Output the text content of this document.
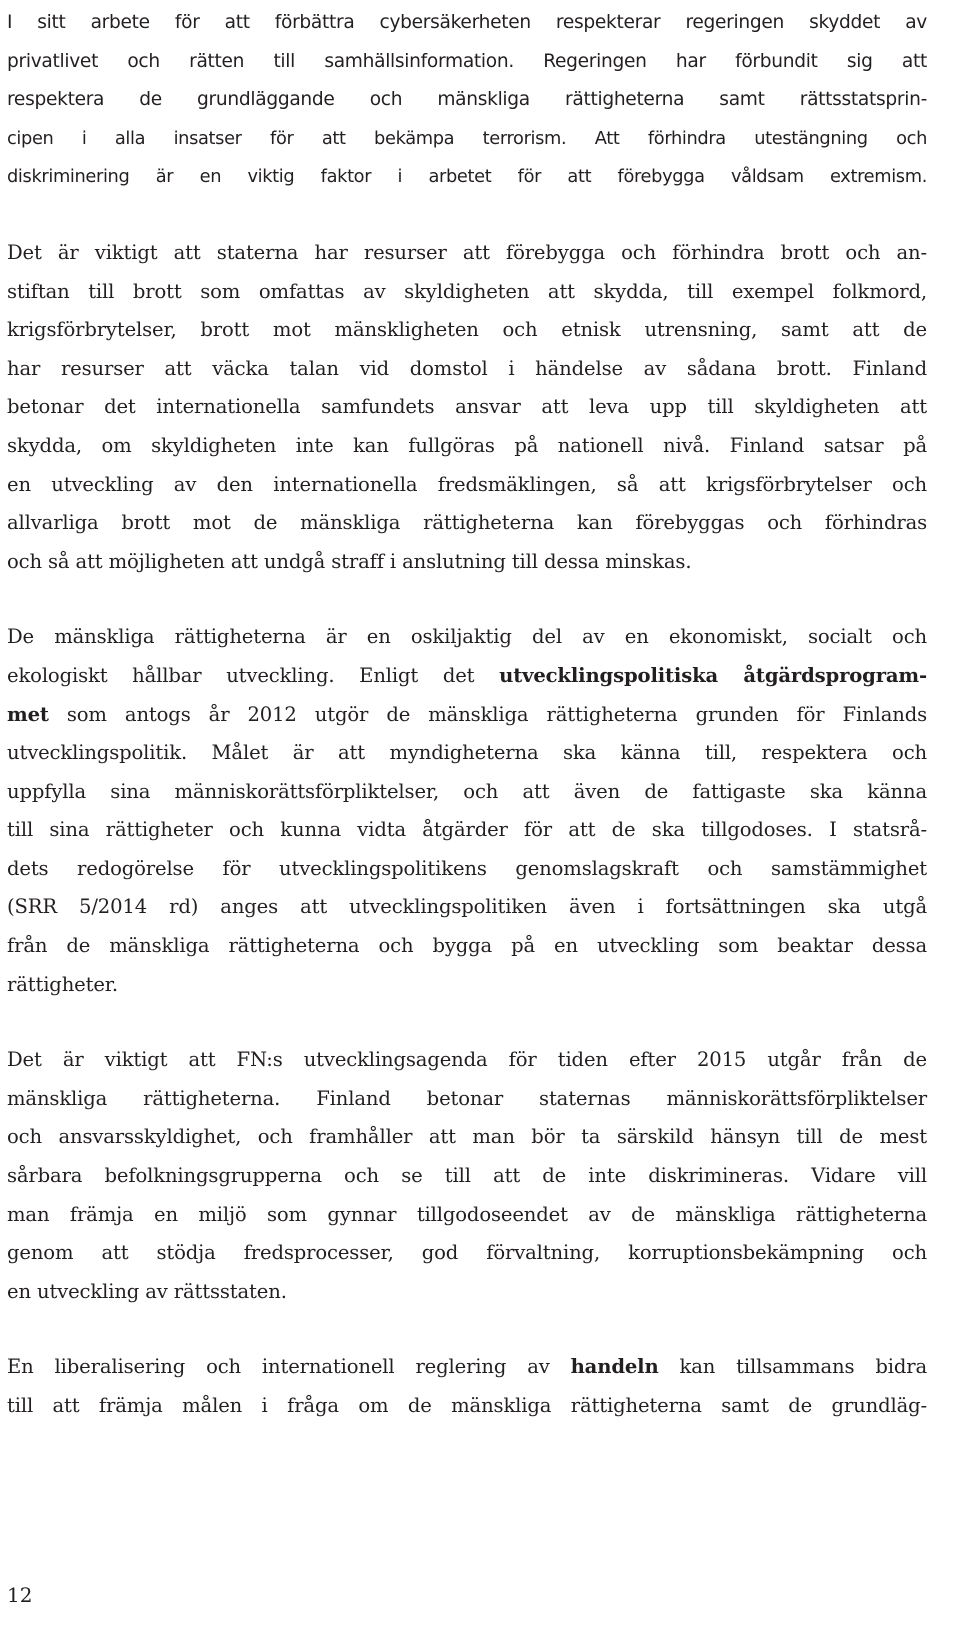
I sitt arbete för att förbättra cybersäkerheten respekterar regeringen skyddet av
privatlivet och rätten till samhällsinformation. Regeringen har förbundit sig att
respektera de grundläggande och mänskliga rättigheterna samt rättsstatsprin-
cipen i alla insatser för att bekämpa terrorism. Att förhindra utestängning och
diskriminering är en viktig faktor i arbetet för att förebygga våldsam extremism.
Det är viktigt att staterna har resurser att förebygga och förhindra brott och an-
stiftan till brott som omfattas av skyldigheten att skydda, till exempel folkmord,
krigsförbrytelser, brott mot mänskligheten och etnisk utrensning, samt att de
har resurser att väcka talan vid domstol i händelse av sådana brott. Finland
betonar det internationella samfundets ansvar att leva upp till skyldigheten att
skydda, om skyldigheten inte kan fullgöras på nationell nivå. Finland satsar på
en utveckling av den internationella fredsmäklingen, så att krigsförbrytelser och
allvarliga brott mot de mänskliga rättigheterna kan förebyggas och förhindras
och så att möjligheten att undgå straff i anslutning till dessa minskas.
De mänskliga rättigheterna är en oskiljaktig del av en ekonomiskt, socialt och
ekologiskt hållbar utveckling. Enligt det utvecklingspolitiska åtgärdsprogram-
met som antogs år 2012 utgör de mänskliga rättigheterna grunden för Finlands
utvecklingspolitik. Målet är att myndigheterna ska känna till, respektera och
uppfylla sina människorättsförpliktelser, och att även de fattigaste ska känna
till sina rättigheter och kunna vidta åtgärder för att de ska tillgodoses. I statsrå-
dets redogörelse för utvecklingspolitikens genomslagskraft och samstämmighet
(SRR 5/2014 rd) anges att utvecklingspolitiken även i fortsättningen ska utgå
från de mänskliga rättigheterna och bygga på en utveckling som beaktar dessa
rättigheter.
Det är viktigt att FN:s utvecklingsagenda för tiden efter 2015 utgår från de
mänskliga rättigheterna. Finland betonar staternas människorättsförpliktelser
och ansvarsskyldighet, och framhåller att man bör ta särskild hänsyn till de mest
sårbara befolkningsgrupperna och se till att de inte diskrimineras. Vidare vill
man främja en miljö som gynnar tillgodoseendet av de mänskliga rättigheterna
genom att stödja fredsprocesser, god förvaltning, korruptionsbekämpning och
en utveckling av rättsstaten.
En liberalisering och internationell reglering av handeln kan tillsammans bidra
till att främja målen i fråga om de mänskliga rättigheterna samt de grundläg-
12
